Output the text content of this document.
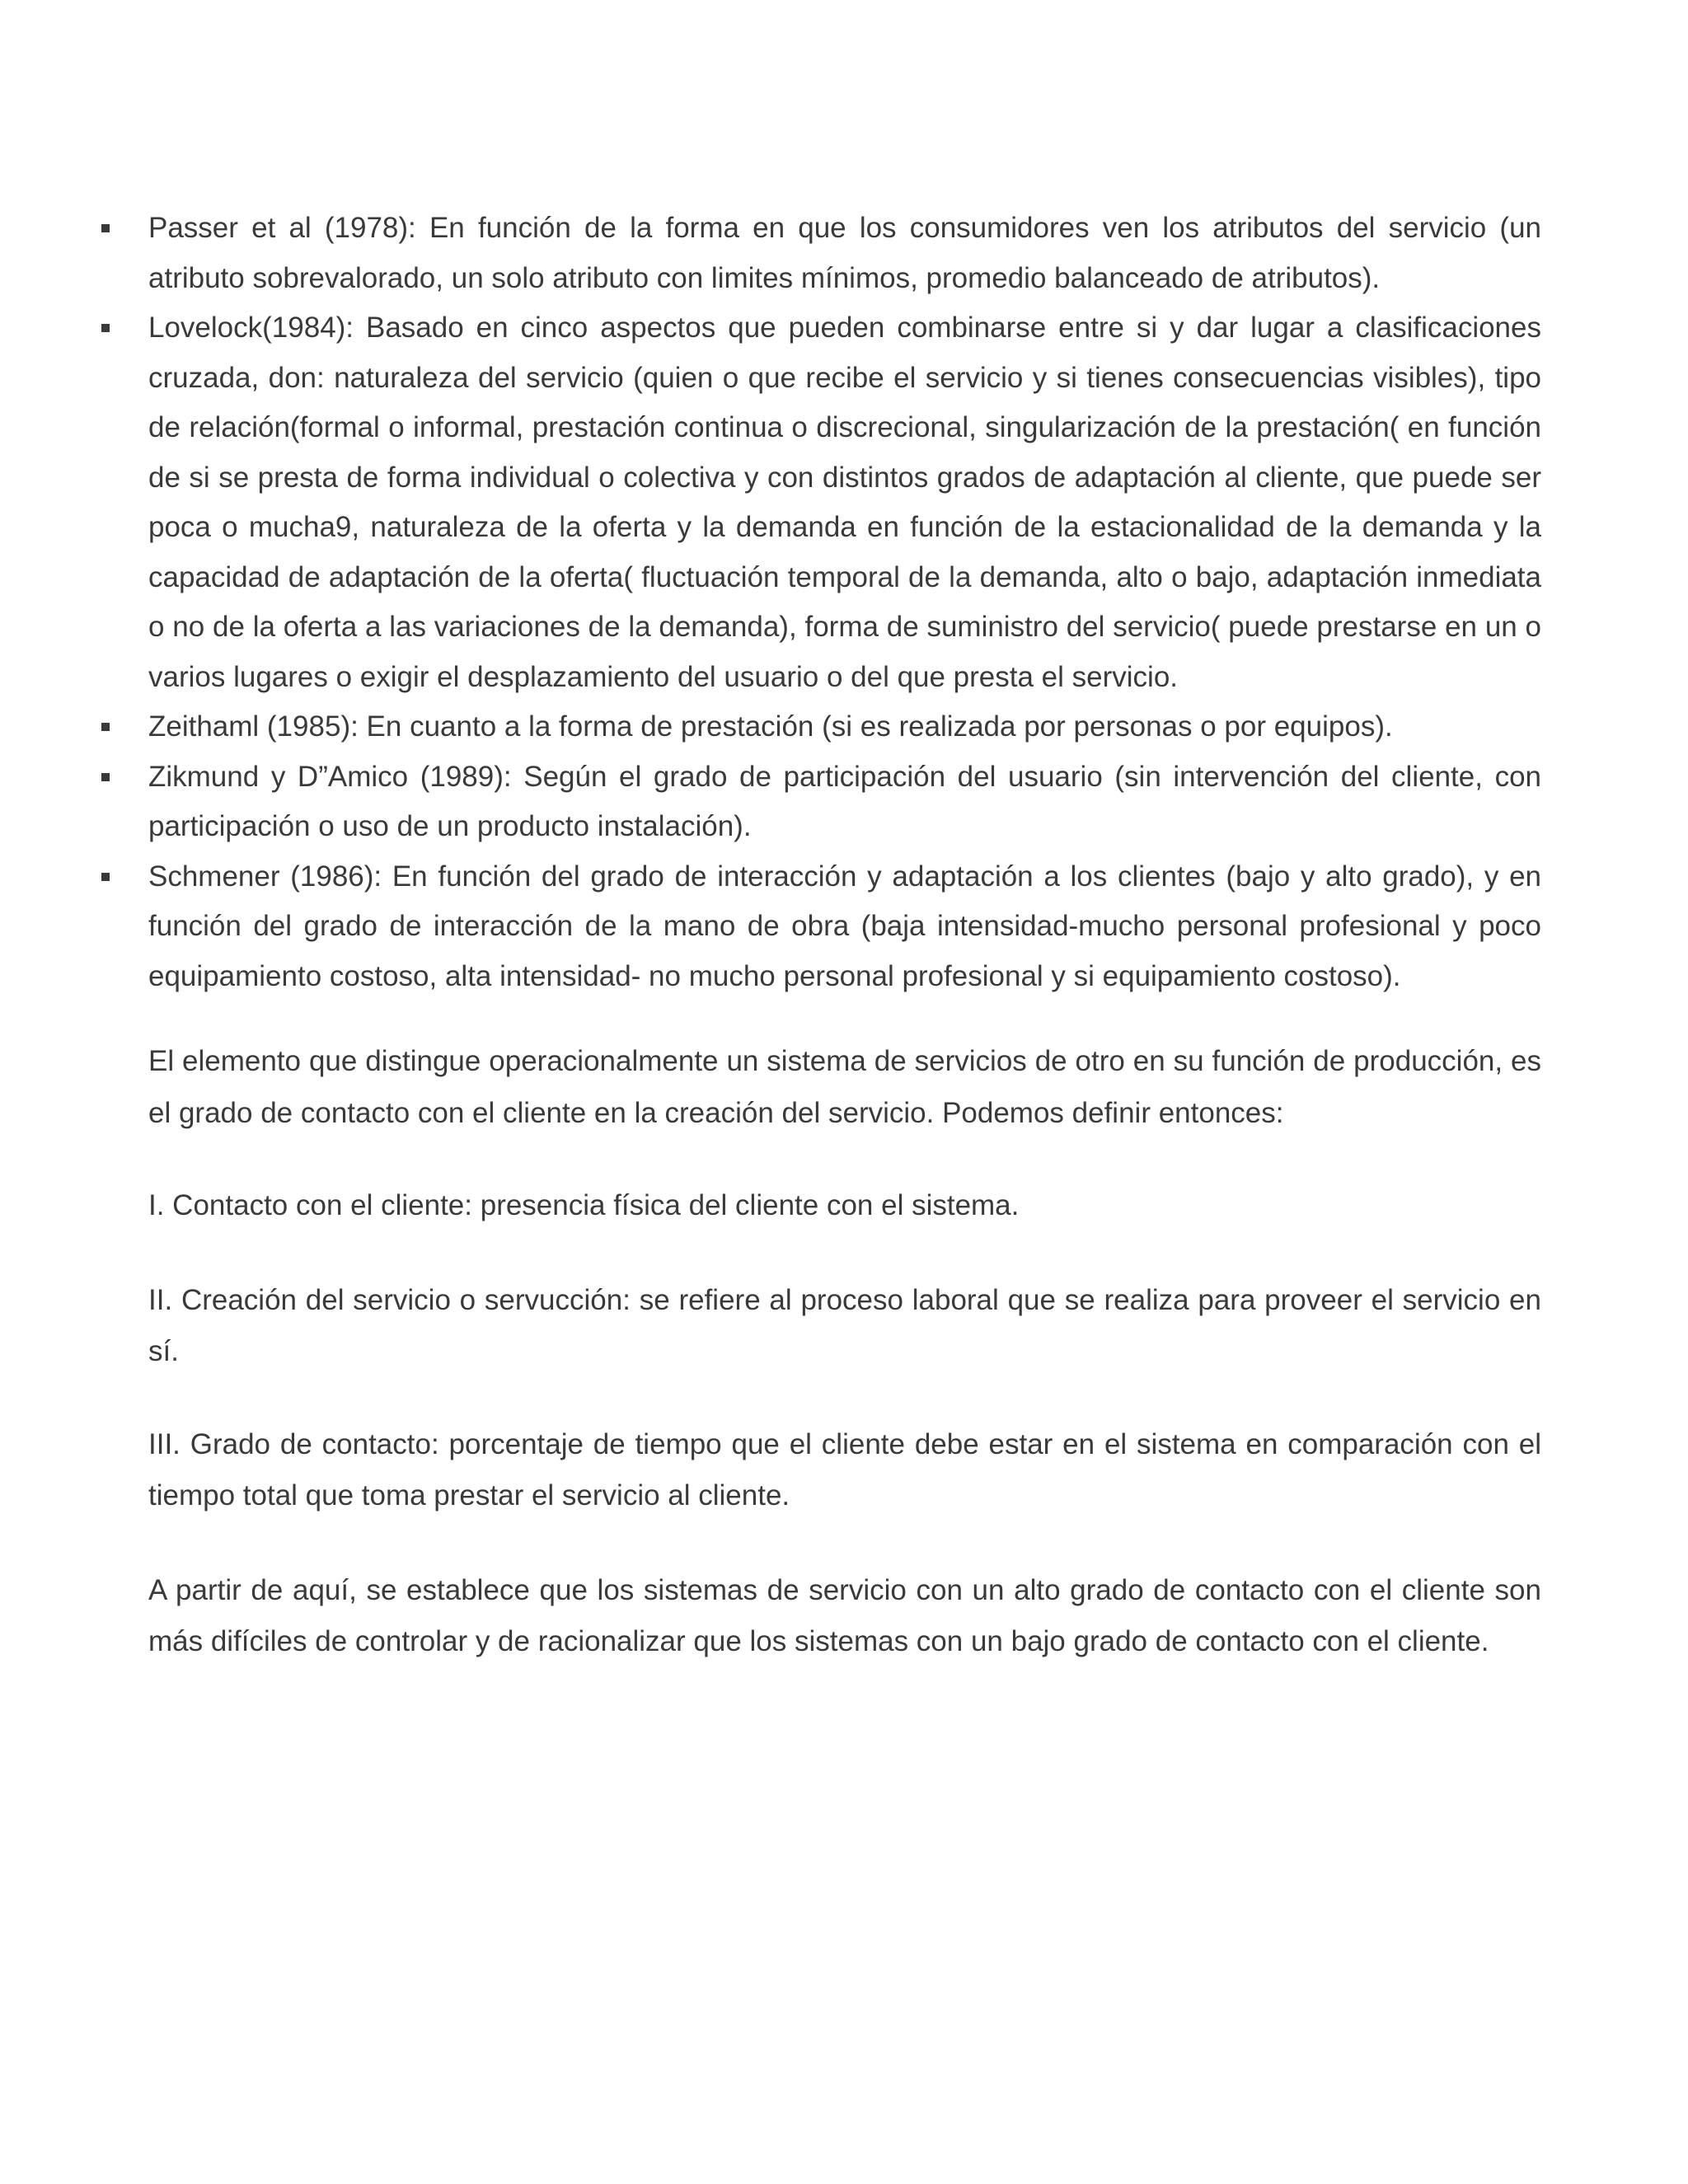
Passer et al (1978): En función de la forma en que los consumidores ven los atributos del servicio (un atributo sobrevalorado, un solo atributo con limites mínimos, promedio balanceado de atributos).
Lovelock(1984): Basado en cinco aspectos que pueden combinarse entre si y dar lugar a clasificaciones cruzada, don: naturaleza del servicio (quien o que recibe el servicio y si tienes consecuencias visibles), tipo de relación(formal o informal, prestación continua o discrecional, singularización de la prestación( en función de si se presta de forma individual o colectiva y con distintos grados de adaptación al cliente, que puede ser poca o mucha9, naturaleza de la oferta y la demanda en función de la estacionalidad de la demanda y la capacidad de adaptación de la oferta( fluctuación temporal de la demanda, alto o bajo, adaptación inmediata o no de la oferta a las variaciones de la demanda), forma de suministro del servicio( puede prestarse en un o varios lugares o exigir el desplazamiento del usuario o del que presta el servicio.
Zeithaml (1985): En cuanto a la forma de prestación (si es realizada por personas o por equipos).
Zikmund y D”Amico (1989): Según el grado de participación del usuario (sin intervención del cliente, con participación o uso de un producto instalación).
Schmener (1986): En función del grado de interacción y adaptación a los clientes (bajo y alto grado), y en función del grado de interacción de la mano de obra (baja intensidad-mucho personal profesional y poco equipamiento costoso, alta intensidad- no mucho personal profesional y si equipamiento costoso).

El elemento que distingue operacionalmente un sistema de servicios de otro en su función de producción, es el grado de contacto con el cliente en la creación del servicio. Podemos definir entonces:

I. Contacto con el cliente: presencia física del cliente con el sistema.

II. Creación del servicio o servucción: se refiere al proceso laboral que se realiza para proveer el servicio en sí.

III. Grado de contacto: porcentaje de tiempo que el cliente debe estar en el sistema en comparación con el tiempo total que toma prestar el servicio al cliente.

A partir de aquí, se establece que los sistemas de servicio con un alto grado de contacto con el cliente son más difíciles de controlar y de racionalizar que los sistemas con un bajo grado de contacto con el cliente.
